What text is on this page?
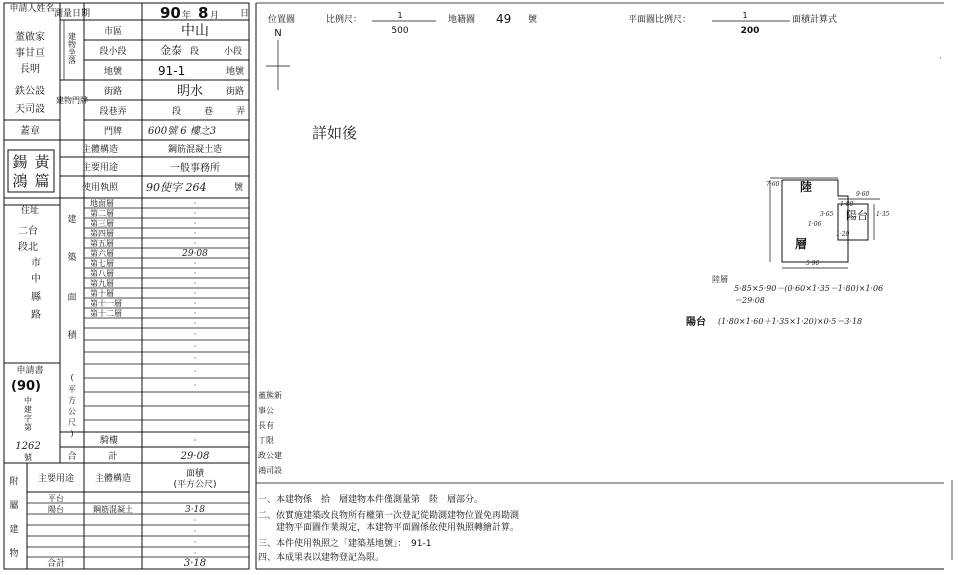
申請人姓名
董啟家
事甘亘
長明
鉄公設
天司設
蓋章
鍚
鴻
黃
篇
住址
二台
段北
市
中
縣
路
申請書
(90)
中
建
字
第
1262
號
測量日期	90 年 8 月 日
建物坐落	市區	中山
段小段	金泰 段	小段
地號	91-1	地號
建物門牌
街路	明水	街路
段巷弄	段	巷	弄
門牌	600號 6 樓之3
主體構造	鋼筋混凝土造
主要用途	一般事務所
使用執照	90使字 264	號
建
築
面
積
(
平
方
公
尺
)
地面層	·
第二層	·
第三層	·
第四層	·
第五層	·
第六層	29·08
第七層	·
第八層	·
第九層	·
第十層	·
第十一層	·
第十二層	·
·
·
·
·
·
·
騎樓	·
合	計	29·08
附
屬
建
物
主要用途 主體構造	面積
(平方公尺)
平台
陽台	鋼筋混凝土	3·18
·
·
·
·
合計	3·18
位置圖	比例尺：	1
500
地籍圖 49 號	平面圖比例尺：	1
200
面積計算式
N
詳如後
陸
層
陽台
7·60
9·60
3·65
1·06
5·90
1·35
1·80
1·20
陸層
5·85×5·90－(0·60×1·35－1·80)×1·06
＝29·08
陽台 (1·80×1·60＋1·35×1·20)×0·5＝3·18
董熊新
事公
長有
丁限
政公建
鴻司設
一、本建物係　拾　層建物本件僅測量第　陸　層部分。
二、依實施建築改良物所有權第一次登記從勘測建物位置免再勘測
　　建物平面圖作業規定，本建物平面圖係依使用執照轉繪計算。
三、本件使用執照之「建築基地號」：　91-1
四、本成果表以建物登記為限。
